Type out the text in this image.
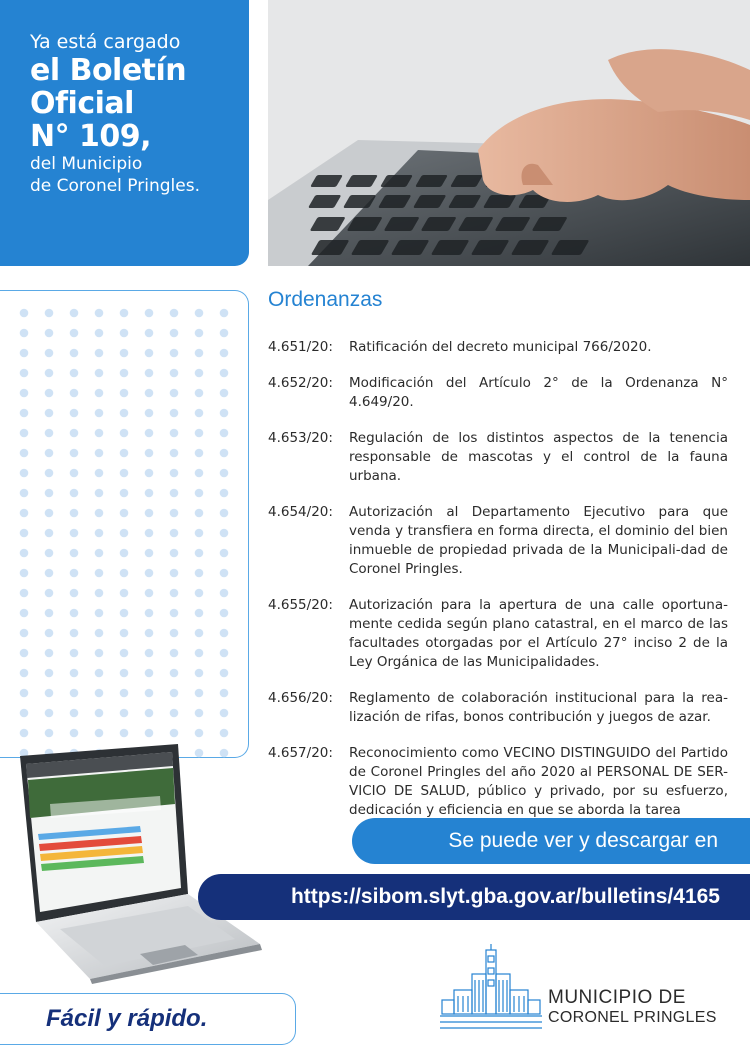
Ya está cargado
el Boletín
Oficial
N° 109,
del Municipio
de Coronel Pringles.
Ordenanzas
4.651/20:	Ratificación del decreto municipal 766/2020.
4.652/20:	Modificación del Artículo 2° de la Ordenanza N° 4.649/20.
4.653/20:	Regulación de los distintos aspectos de la tenencia responsable de mascotas y el control de la fauna urbana.
4.654/20:	Autorización al Departamento Ejecutivo para que venda y transfiera en forma directa, el dominio del bien inmueble de propiedad privada de la Municipali-dad de Coronel Pringles.
4.655/20:	Autorización para la apertura de una calle oportuna-mente cedida según plano catastral, en el marco de las facultades otorgadas por el Artículo 27° inciso 2 de la Ley Orgánica de las Municipalidades.
4.656/20:	Reglamento de colaboración institucional para la rea-lización de rifas, bonos contribución y juegos de azar.
4.657/20:	Reconocimiento como VECINO DISTINGUIDO del Partido de Coronel Pringles del año 2020 al PERSONAL DE SER-VICIO DE SALUD, público y privado, por su esfuerzo, dedicación y eficiencia en que se aborda la tarea
Se puede ver y descargar en
https://sibom.slyt.gba.gov.ar/bulletins/4165
Fácil y rápido.
MUNICIPIO DE
CORONEL PRINGLES
